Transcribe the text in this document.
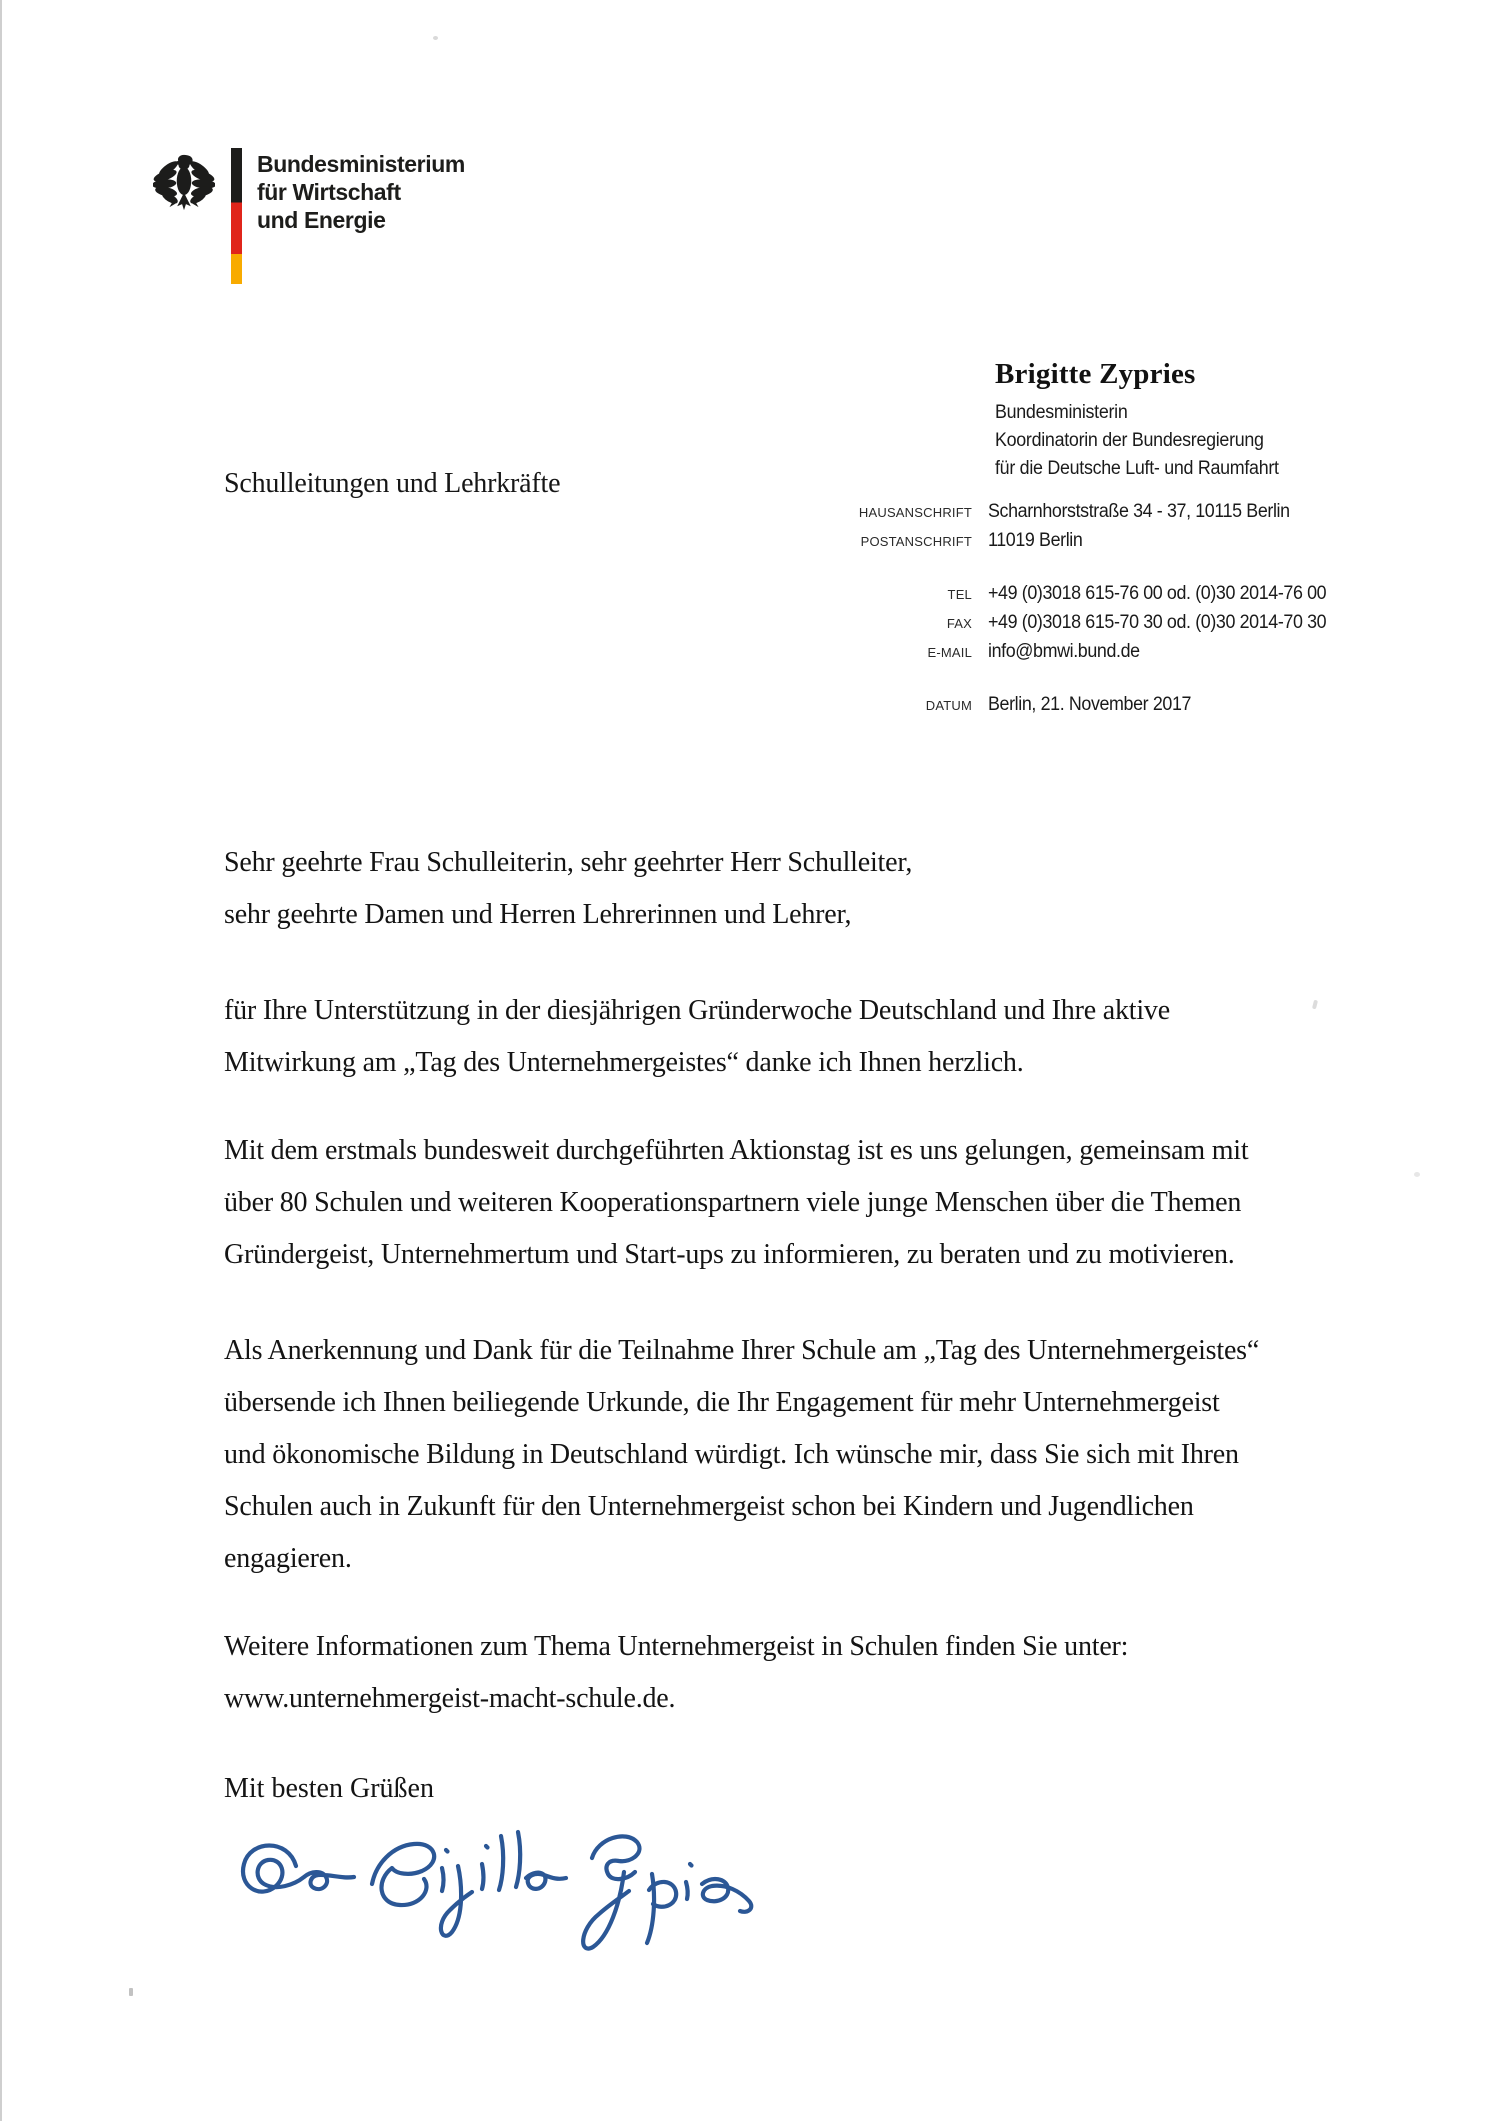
Bundesministerium
für Wirtschaft
und Energie
Schulleitungen und Lehrkräfte
Brigitte Zypries
Bundesministerin
Koordinatorin der Bundesregierung
für die Deutsche Luft- und Raumfahrt
HAUSANSCHRIFT Scharnhorststraße 34 - 37, 10115 Berlin
POSTANSCHRIFT 11019 Berlin
TEL +49 (0)3018 615-76 00 od. (0)30 2014-76 00
FAX +49 (0)3018 615-70 30 od. (0)30 2014-70 30
E-MAIL info@bmwi.bund.de
DATUM Berlin, 21. November 2017
Sehr geehrte Frau Schulleiterin, sehr geehrter Herr Schulleiter,
sehr geehrte Damen und Herren Lehrerinnen und Lehrer,
für Ihre Unterstützung in der diesjährigen Gründerwoche Deutschland und Ihre aktive
Mitwirkung am „Tag des Unternehmergeistes“ danke ich Ihnen herzlich.
Mit dem erstmals bundesweit durchgeführten Aktionstag ist es uns gelungen, gemeinsam mit
über 80 Schulen und weiteren Kooperationspartnern viele junge Menschen über die Themen
Gründergeist, Unternehmertum und Start-ups zu informieren, zu beraten und zu motivieren.
Als Anerkennung und Dank für die Teilnahme Ihrer Schule am „Tag des Unternehmergeistes“
übersende ich Ihnen beiliegende Urkunde, die Ihr Engagement für mehr Unternehmergeist
und ökonomische Bildung in Deutschland würdigt. Ich wünsche mir, dass Sie sich mit Ihren
Schulen auch in Zukunft für den Unternehmergeist schon bei Kindern und Jugendlichen
engagieren.
Weitere Informationen zum Thema Unternehmergeist in Schulen finden Sie unter:
www.unternehmergeist-macht-schule.de.
Mit besten Grüßen
